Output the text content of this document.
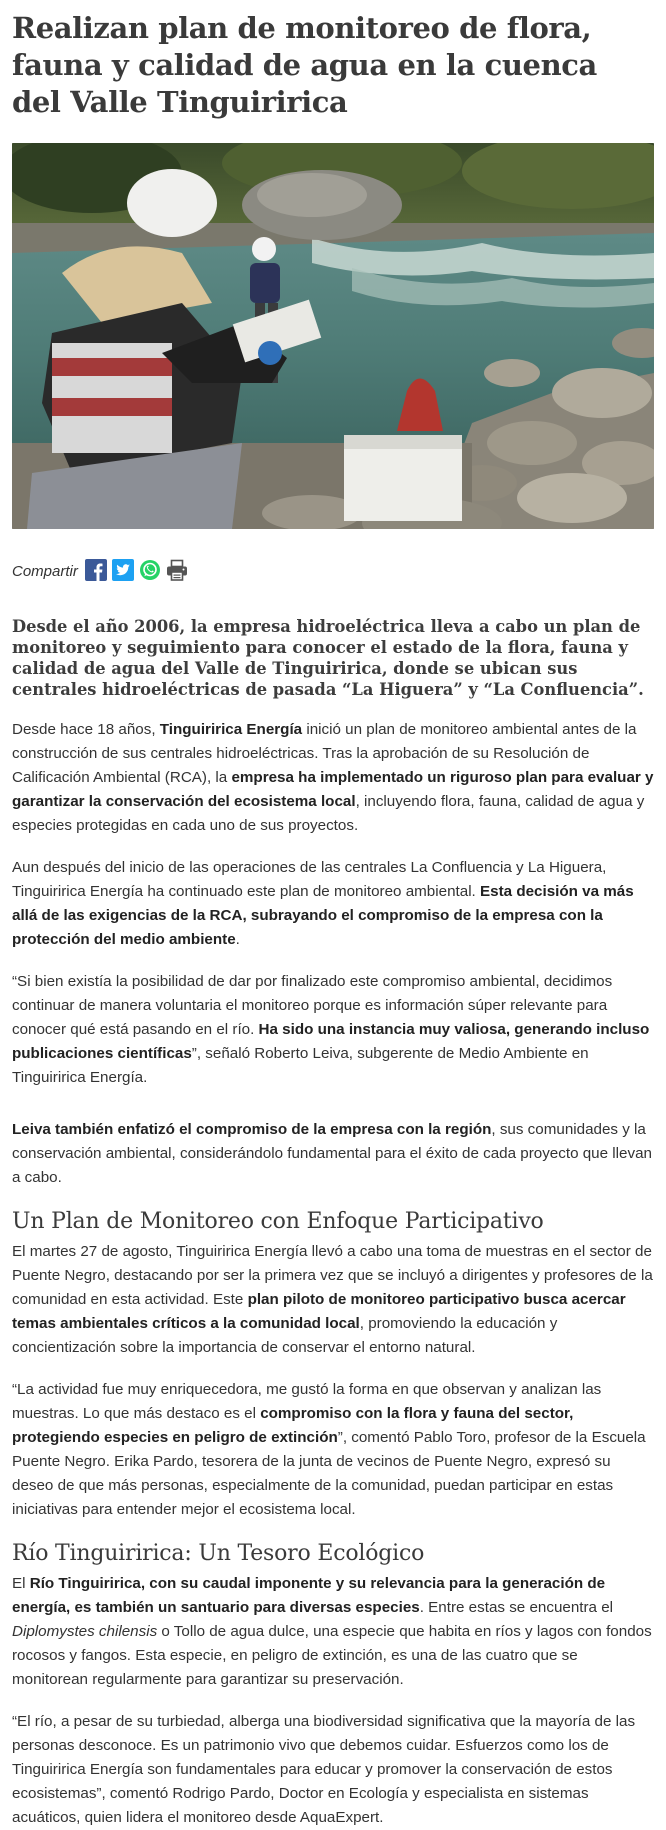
Realizan plan de monitoreo de flora, fauna y calidad de agua en la cuenca del Valle Tinguiririca
Compartir

Desde el año 2006, la empresa hidroeléctrica lleva a cabo un plan de monitoreo y seguimiento para conocer el estado de la flora, fauna y calidad de agua del Valle de Tinguiririca, donde se ubican sus centrales hidroeléctricas de pasada “La Higuera” y “La Confluencia”.

Desde hace 18 años, Tinguiririca Energía inició un plan de monitoreo ambiental antes de la construcción de sus centrales hidroeléctricas. Tras la aprobación de su Resolución de Calificación Ambiental (RCA), la empresa ha implementado un riguroso plan para evaluar y garantizar la conservación del ecosistema local, incluyendo flora, fauna, calidad de agua y especies protegidas en cada uno de sus proyectos.

Aun después del inicio de las operaciones de las centrales La Confluencia y La Higuera, Tinguiririca Energía ha continuado este plan de monitoreo ambiental. Esta decisión va más allá de las exigencias de la RCA, subrayando el compromiso de la empresa con la protección del medio ambiente.

“Si bien existía la posibilidad de dar por finalizado este compromiso ambiental, decidimos continuar de manera voluntaria el monitoreo porque es información súper relevante para conocer qué está pasando en el río. Ha sido una instancia muy valiosa, generando incluso publicaciones científicas”, señaló Roberto Leiva, subgerente de Medio Ambiente en Tinguiririca Energía.

Leiva también enfatizó el compromiso de la empresa con la región, sus comunidades y la conservación ambiental, considerándolo fundamental para el éxito de cada proyecto que llevan a cabo.

Un Plan de Monitoreo con Enfoque Participativo

El martes 27 de agosto, Tinguiririca Energía llevó a cabo una toma de muestras en el sector de Puente Negro, destacando por ser la primera vez que se incluyó a dirigentes y profesores de la comunidad en esta actividad. Este plan piloto de monitoreo participativo busca acercar temas ambientales críticos a la comunidad local, promoviendo la educación y concientización sobre la importancia de conservar el entorno natural.

“La actividad fue muy enriquecedora, me gustó la forma en que observan y analizan las muestras. Lo que más destaco es el compromiso con la flora y fauna del sector, protegiendo especies en peligro de extinción”, comentó Pablo Toro, profesor de la Escuela Puente Negro. Erika Pardo, tesorera de la junta de vecinos de Puente Negro, expresó su deseo de que más personas, especialmente de la comunidad, puedan participar en estas iniciativas para entender mejor el ecosistema local.

Río Tinguiririca: Un Tesoro Ecológico

El Río Tinguiririca, con su caudal imponente y su relevancia para la generación de energía, es también un santuario para diversas especies. Entre estas se encuentra el Diplomystes chilensis o Tollo de agua dulce, una especie que habita en ríos y lagos con fondos rocosos y fangos. Esta especie, en peligro de extinción, es una de las cuatro que se monitorean regularmente para garantizar su preservación.

“El río, a pesar de su turbiedad, alberga una biodiversidad significativa que la mayoría de las personas desconoce. Es un patrimonio vivo que debemos cuidar. Esfuerzos como los de Tinguiririca Energía son fundamentales para educar y promover la conservación de estos ecosistemas”, comentó Rodrigo Pardo, Doctor en Ecología y especialista en sistemas acuáticos, quien lidera el monitoreo desde AquaExpert.
